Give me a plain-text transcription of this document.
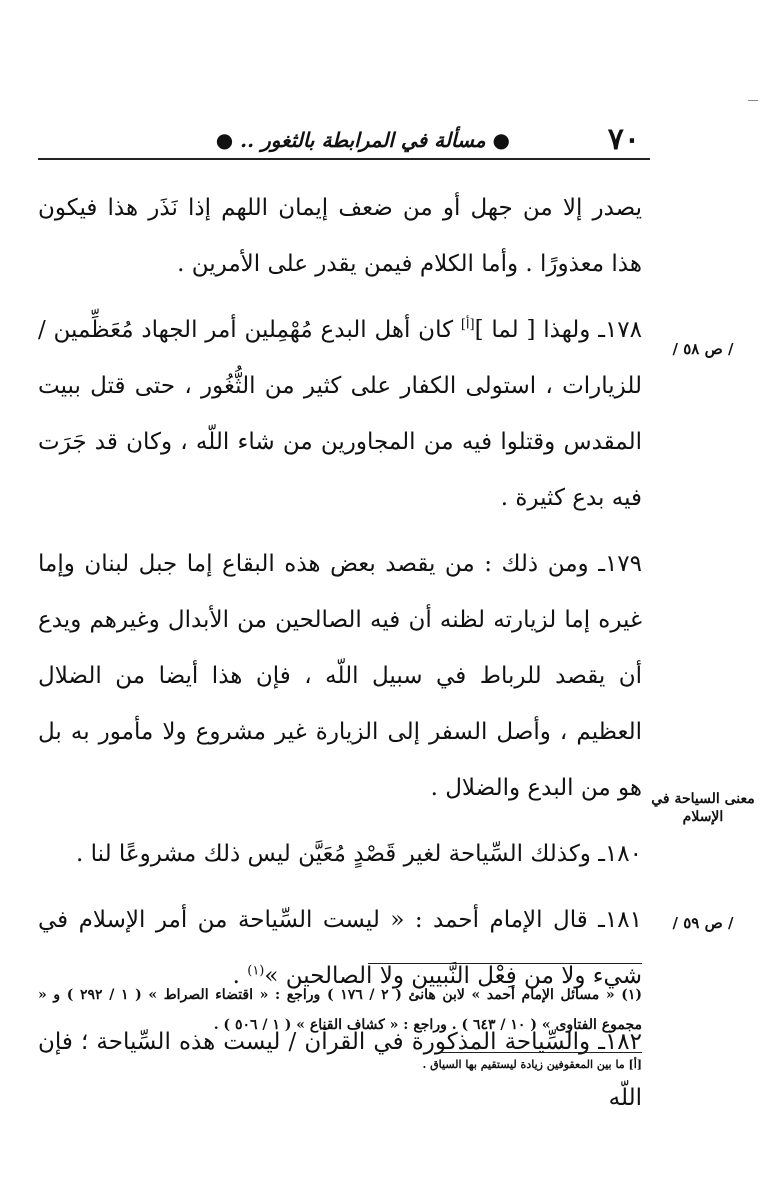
٧٠
● مسألة في المرابطة بالثغور .. ●

يصدر إلا من جهل أو من ضعف إيمان اللهم إذا نَذَر هذا فيكون هذا معذورًا . وأما الكلام فيمن يقدر على الأمرين .

١٧٨ـ ولهذا [ لما ][أ] كان أهل البدع مُهْمِلين أمر الجهاد مُعَظِّمين / للزيارات ، استولى الكفار على كثير من الثُّغُور ، حتى قتل ببيت المقدس وقتلوا فيه من المجاورين من شاء اللّه ، وكان قد جَرَت فيه بدع كثيرة .

١٧٩ـ ومن ذلك : من يقصد بعض هذه البقاع إما جبل لبنان وإما غيره إما لزيارته لظنه أن فيه الصالحين من الأبدال وغيرهم ويدع أن يقصد للرباط في سبيل اللّه ، فإن هذا أيضا من الضلال العظيم ، وأصل السفر إلى الزيارة غير مشروع ولا مأمور به بل هو من البدع والضلال .

١٨٠ـ وكذلك السِّياحة لغير قَصْدٍ مُعَيَّن ليس ذلك مشروعًا لنا .

١٨١ـ قال الإمام أحمد : « ليست السِّياحة من أمر الإسلام في شيء ولا من فِعْل النَّبيين ولا الصالحين »$^{(١)}$ .

١٨٢ـ والسِّياحة المذكورة في القرآن / ليست هذه السِّياحة ؛ فإن اللّه

/ ص ٥٨ /
معنى السياحة في الإسلام
/ ص ٥٩ /
(١) « مسائل الإمام أحمد » لابن هانئ ( ٢ / ١٧٦ ) وراجع : « اقتضاء الصراط » ( ١ / ٢٩٢ ) و « مجموع الفتاوى » ( ١٠ / ٦٤٣ ) . وراجع : « كشاف القناع » ( ١ / ٥٠٦ ) .
[أ] ما بين المعقوفين زيادة ليستقيم بها السياق .
